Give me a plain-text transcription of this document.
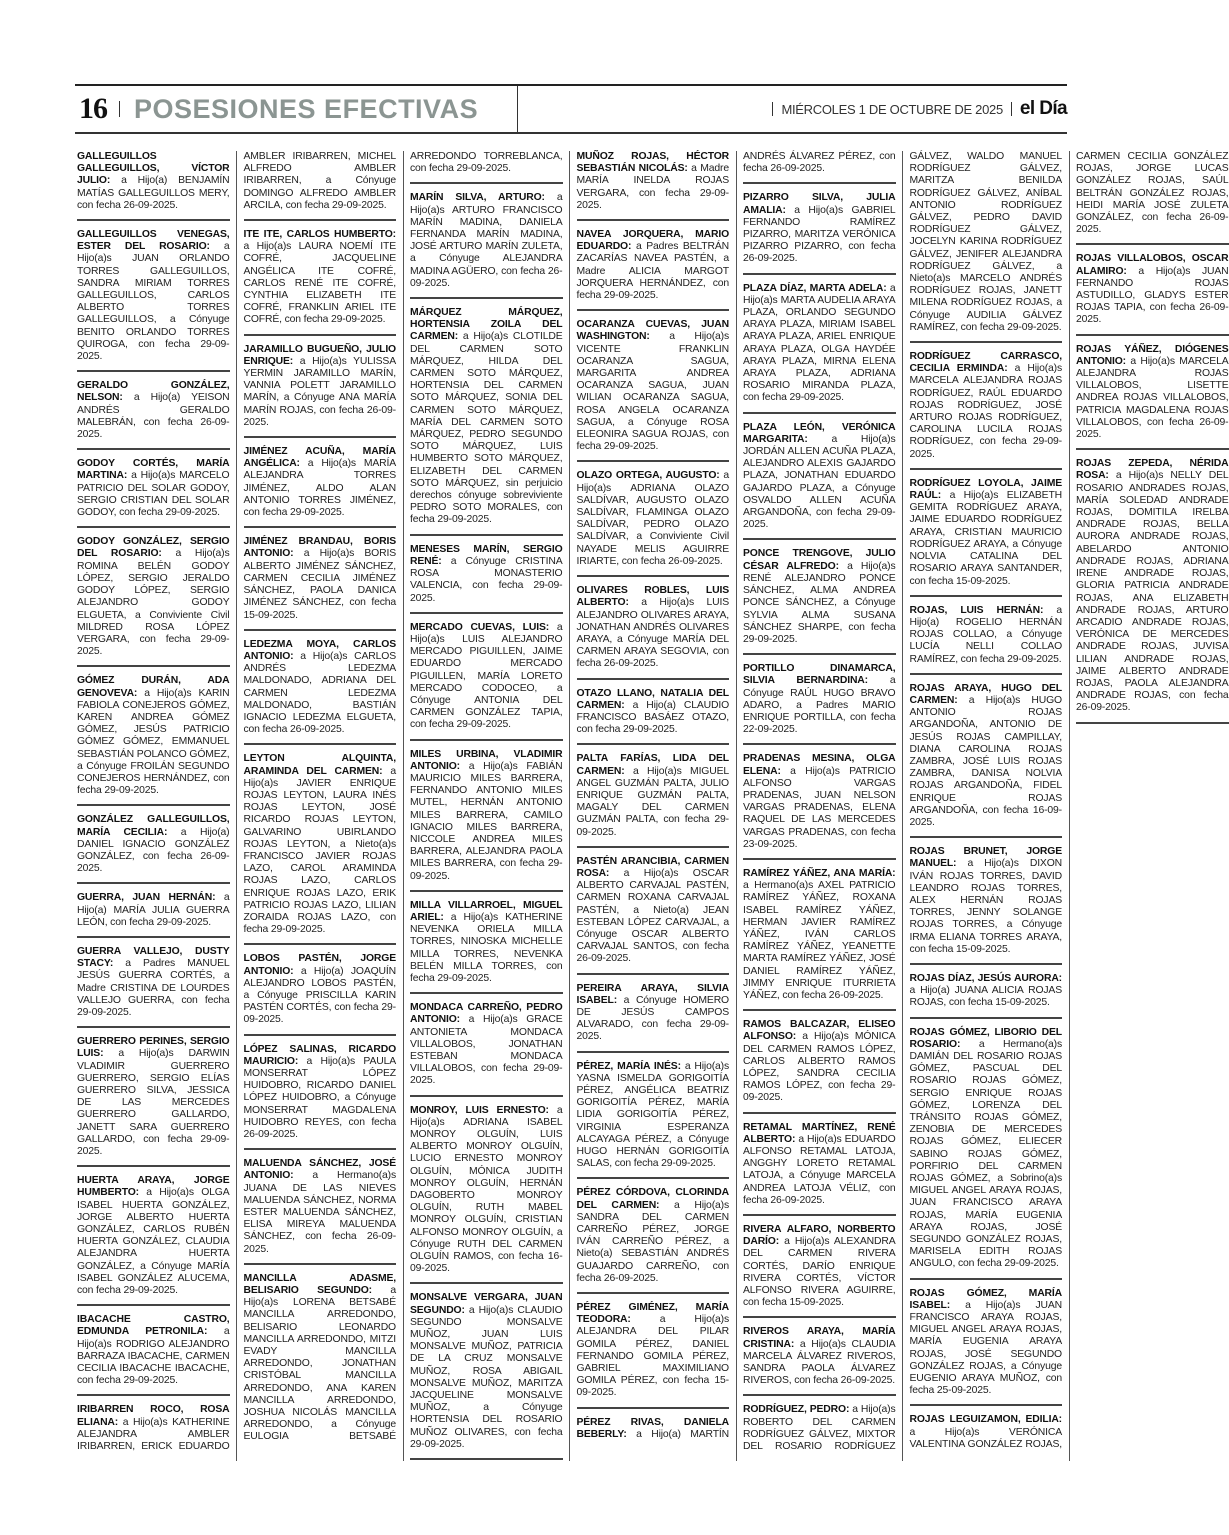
16 POSESIONES EFECTIVAS	MIÉRCOLES 1 DE OCTUBRE DE 2025 el Día

GALLEGUILLOS GALLEGUILLOS, VÍCTOR JULIO: a Hijo(a) BENJAMÍN MATÍAS GALLEGUILLOS MERY, con fecha 26-09-2025.

GALLEGUILLOS VENEGAS, ESTER DEL ROSARIO: a Hijo(a)s JUAN ORLANDO TORRES GALLEGUILLOS, SANDRA MIRIAM TORRES GALLEGUILLOS, CARLOS ALBERTO TORRES GALLEGUILLOS, a Cónyuge BENITO ORLANDO TORRES QUIROGA, con fecha 29-09-2025.

GERALDO GONZÁLEZ, NELSON: a Hijo(a) YEISON ANDRÉS GERALDO MALEBRÁN, con fecha 26-09-2025.

GODOY CORTÉS, MARÍA MARTINA: a Hijo(a)s MARCELO PATRICIO DEL SOLAR GODOY, SERGIO CRISTIAN DEL SOLAR GODOY, con fecha 29-09-2025.

GODOY GONZÁLEZ, SERGIO DEL ROSARIO: a Hijo(a)s ROMINA BELÉN GODOY LÓPEZ, SERGIO JERALDO GODOY LÓPEZ, SERGIO ALEJANDRO GODOY ELGUETA, a Conviviente Civil MILDRED ROSA LÓPEZ VERGARA, con fecha 29-09-2025.

GÓMEZ DURÁN, ADA GENOVEVA: a Hijo(a)s KARIN FABIOLA CONEJEROS GÓMEZ, KAREN ANDREA GÓMEZ GÓMEZ, JESÚS PATRICIO GÓMEZ GÓMEZ, EMMANUEL SEBASTIÁN POLANCO GÓMEZ, a Cónyuge FROILÁN SEGUNDO CONEJEROS HERNÁNDEZ, con fecha 29-09-2025.

GONZÁLEZ GALLEGUILLOS, MARÍA CECILIA: a Hijo(a) DANIEL IGNACIO GONZÁLEZ GONZÁLEZ, con fecha 26-09-2025.

GUERRA, JUAN HERNÁN: a Hijo(a) MARÍA JULIA GUERRA LEÓN, con fecha 29-09-2025.

GUERRA VALLEJO, DUSTY STACY: a Padres MANUEL JESÚS GUERRA CORTÉS, a Madre CRISTINA DE LOURDES VALLEJO GUERRA, con fecha 29-09-2025.

GUERRERO PERINES, SERGIO LUIS: a Hijo(a)s DARWIN VLADIMIR GUERRERO GUERRERO, SERGIO ELÍAS GUERRERO SILVA, JESSICA DE LAS MERCEDES GUERRERO GALLARDO, JANETT SARA GUERRERO GALLARDO, con fecha 29-09-2025.

HUERTA ARAYA, JORGE HUMBERTO: a Hijo(a)s OLGA ISABEL HUERTA GONZÁLEZ, JORGE ALBERTO HUERTA GONZÁLEZ, CARLOS RUBÉN HUERTA GONZÁLEZ, CLAUDIA ALEJANDRA HUERTA GONZÁLEZ, a Cónyuge MARÍA ISABEL GONZÁLEZ ALUCEMA, con fecha 29-09-2025.

IBACACHE CASTRO, EDMUNDA PETRONILA: a Hijo(a)s RODRIGO ALEJANDRO BARRAZA IBACACHE, CARMEN CECILIA IBACACHE IBACACHE, con fecha 29-09-2025.

IRIBARREN ROCO, ROSA ELIANA: a Hijo(a)s KATHERINE ALEJANDRA AMBLER IRIBARREN, ERICK EDUARDO AMBLER IRIBARREN, MICHEL ALFREDO AMBLER IRIBARREN, a Cónyuge DOMINGO ALFREDO AMBLER ARCILA, con fecha 29-09-2025.

ITE ITE, CARLOS HUMBERTO: a Hijo(a)s LAURA NOEMÍ ITE COFRÉ, JACQUELINE ANGÉLICA ITE COFRÉ, CARLOS RENÉ ITE COFRÉ, CYNTHIA ELIZABETH ITE COFRÉ, FRANKLIN ARIEL ITE COFRÉ, con fecha 29-09-2025.

JARAMILLO BUGUEÑO, JULIO ENRIQUE: a Hijo(a)s YULISSA YERMIN JARAMILLO MARÍN, VANNIA POLETT JARAMILLO MARÍN, a Cónyuge ANA MARÍA MARÍN ROJAS, con fecha 26-09-2025.

JIMÉNEZ ACUÑA, MARÍA ANGÉLICA: a Hijo(a)s MARÍA ALEJANDRA TORRES JIMÉNEZ, ALDO ALAN ANTONIO TORRES JIMÉNEZ, con fecha 29-09-2025.

JIMÉNEZ BRANDAU, BORIS ANTONIO: a Hijo(a)s BORIS ALBERTO JIMÉNEZ SÁNCHEZ, CARMEN CECILIA JIMÉNEZ SÁNCHEZ, PAOLA DANICA JIMÉNEZ SÁNCHEZ, con fecha 15-09-2025.

LEDEZMA MOYA, CARLOS ANTONIO: a Hijo(a)s CARLOS ANDRÉS LEDEZMA MALDONADO, ADRIANA DEL CARMEN LEDEZMA MALDONADO, BASTIÁN IGNACIO LEDEZMA ELGUETA, con fecha 26-09-2025.

LEYTON ALQUINTA, ARAMINDA DEL CARMEN: a Hijo(a)s JAVIER ENRIQUE ROJAS LEYTON, LAURA INÉS ROJAS LEYTON, JOSÉ RICARDO ROJAS LEYTON, GALVARINO UBIRLANDO ROJAS LEYTON, a Nieto(a)s FRANCISCO JAVIER ROJAS LAZO, CAROL ARAMINDA ROJAS LAZO, CARLOS ENRIQUE ROJAS LAZO, ERIK PATRICIO ROJAS LAZO, LILIAN ZORAIDA ROJAS LAZO, con fecha 29-09-2025.

LOBOS PASTÉN, JORGE ANTONIO: a Hijo(a) JOAQUÍN ALEJANDRO LOBOS PASTÉN, a Cónyuge PRISCILLA KARIN PASTÉN CORTÉS, con fecha 29-09-2025.

LÓPEZ SALINAS, RICARDO MAURICIO: a Hijo(a)s PAULA MONSERRAT LÓPEZ HUIDOBRO, RICARDO DANIEL LÓPEZ HUIDOBRO, a Cónyuge MONSERRAT MAGDALENA HUIDOBRO REYES, con fecha 26-09-2025.

MALUENDA SÁNCHEZ, JOSÉ ANTONIO: a Hermano(a)s JUANA DE LAS NIEVES MALUENDA SÁNCHEZ, NORMA ESTER MALUENDA SÁNCHEZ, ELISA MIREYA MALUENDA SÁNCHEZ, con fecha 26-09-2025.

MANCILLA ADASME, BELISARIO SEGUNDO: a Hijo(a)s LORENA BETSABÉ MANCILLA ARREDONDO, BELISARIO LEONARDO MANCILLA ARREDONDO, MITZI EVADY MANCILLA ARREDONDO, JONATHAN CRISTÓBAL MANCILLA ARREDONDO, ANA KAREN MANCILLA ARREDONDO, JOSHUA NICOLÁS MANCILLA ARREDONDO, a Cónyuge EULOGIA BETSABÉ ARREDONDO TORREBLANCA, con fecha 29-09-2025.

MARÍN SILVA, ARTURO: a Hijo(a)s ARTURO FRANCISCO MARÍN MADINA, DANIELA FERNANDA MARÍN MADINA, JOSÉ ARTURO MARÍN ZULETA, a Cónyuge ALEJANDRA MADINA AGÜERO, con fecha 26-09-2025.

MÁRQUEZ MÁRQUEZ, HORTENSIA ZOILA DEL CARMEN: a Hijo(a)s CLOTILDE DEL CARMEN SOTO MÁRQUEZ, HILDA DEL CARMEN SOTO MÁRQUEZ, HORTENSIA DEL CARMEN SOTO MÁRQUEZ, SONIA DEL CARMEN SOTO MÁRQUEZ, MARÍA DEL CARMEN SOTO MÁRQUEZ, PEDRO SEGUNDO SOTO MÁRQUEZ, LUIS HUMBERTO SOTO MÁRQUEZ, ELIZABETH DEL CARMEN SOTO MÁRQUEZ, sin perjuicio derechos cónyuge sobreviviente PEDRO SOTO MORALES, con fecha 29-09-2025.

MENESES MARÍN, SERGIO RENÉ: a Cónyuge CRISTINA ROSA MONASTERIO VALENCIA, con fecha 29-09-2025.

MERCADO CUEVAS, LUIS: a Hijo(a)s LUIS ALEJANDRO MERCADO PIGUILLEN, JAIME EDUARDO MERCADO PIGUILLEN, MARÍA LORETO MERCADO CODOCEO, a Cónyuge ANTONIA DEL CARMEN GONZÁLEZ TAPIA, con fecha 29-09-2025.

MILES URBINA, VLADIMIR ANTONIO: a Hijo(a)s FABIÁN MAURICIO MILES BARRERA, FERNANDO ANTONIO MILES MUTEL, HERNÁN ANTONIO MILES BARRERA, CAMILO IGNACIO MILES BARRERA, NICCOLE ANDREA MILES BARRERA, ALEJANDRA PAOLA MILES BARRERA, con fecha 29-09-2025.

MILLA VILLARROEL, MIGUEL ARIEL: a Hijo(a)s KATHERINE NEVENKA ORIELA MILLA TORRES, NINOSKA MICHELLE MILLA TORRES, NEVENKA BELÉN MILLA TORRES, con fecha 29-09-2025.

MONDACA CARREÑO, PEDRO ANTONIO: a Hijo(a)s GRACE ANTONIETA MONDACA VILLALOBOS, JONATHAN ESTEBAN MONDACA VILLALOBOS, con fecha 29-09-2025.

MONROY, LUIS ERNESTO: a Hijo(a)s ADRIANA ISABEL MONROY OLGUÍN, LUIS ALBERTO MONROY OLGUÍN, LUCIO ERNESTO MONROY OLGUÍN, MÓNICA JUDITH MONROY OLGUÍN, HERNÁN DAGOBERTO MONROY OLGUÍN, RUTH MABEL MONROY OLGUÍN, CRISTIAN ALFONSO MONROY OLGUÍN, a Cónyuge RUTH DEL CARMEN OLGUÍN RAMOS, con fecha 16-09-2025.

MONSALVE VERGARA, JUAN SEGUNDO: a Hijo(a)s CLAUDIO SEGUNDO MONSALVE MUÑOZ, JUAN LUIS MONSALVE MUÑOZ, PATRICIA DE LA CRUZ MONSALVE MUÑOZ, ROSA ABIGAIL MONSALVE MUÑOZ, MARITZA JACQUELINE MONSALVE MUÑOZ, a Cónyuge HORTENSIA DEL ROSARIO MUÑOZ OLIVARES, con fecha 29-09-2025.

MUÑOZ ROJAS, HÉCTOR SEBASTIÁN NICOLÁS: a Madre MARÍA INELDA ROJAS VERGARA, con fecha 29-09-2025.

NAVEA JORQUERA, MARIO EDUARDO: a Padres BELTRÁN ZACARÍAS NAVEA PASTÉN, a Madre ALICIA MARGOT JORQUERA HERNÁNDEZ, con fecha 29-09-2025.

OCARANZA CUEVAS, JUAN WASHINGTON: a Hijo(a)s VICENTE FRANKLIN OCARANZA SAGUA, MARGARITA ANDREA OCARANZA SAGUA, JUAN WILIAN OCARANZA SAGUA, ROSA ANGELA OCARANZA SAGUA, a Cónyuge ROSA ELEONIRA SAGUA ROJAS, con fecha 29-09-2025.

OLAZO ORTEGA, AUGUSTO: a Hijo(a)s ADRIANA OLAZO SALDÍVAR, AUGUSTO OLAZO SALDÍVAR, FLAMINGA OLAZO SALDÍVAR, PEDRO OLAZO SALDÍVAR, a Conviviente Civil NAYADE MELIS AGUIRRE IRIARTE, con fecha 26-09-2025.

OLIVARES ROBLES, LUIS ALBERTO: a Hijo(a)s LUIS ALEJANDRO OLIVARES ARAYA, JONATHAN ANDRÉS OLIVARES ARAYA, a Cónyuge MARÍA DEL CARMEN ARAYA SEGOVIA, con fecha 26-09-2025.

OTAZO LLANO, NATALIA DEL CARMEN: a Hijo(a) CLAUDIO FRANCISCO BASÁEZ OTAZO, con fecha 29-09-2025.

PALTA FARÍAS, LIDA DEL CARMEN: a Hijo(a)s MIGUEL ANGEL GUZMÁN PALTA, JULIO ENRIQUE GUZMÁN PALTA, MAGALY DEL CARMEN GUZMÁN PALTA, con fecha 29-09-2025.

PASTÉN ARANCIBIA, CARMEN ROSA: a Hijo(a)s OSCAR ALBERTO CARVAJAL PASTÉN, CARMEN ROXANA CARVAJAL PASTÉN, a Nieto(a) JEAN ESTEBAN LÓPEZ CARVAJAL, a Cónyuge OSCAR ALBERTO CARVAJAL SANTOS, con fecha 26-09-2025.

PEREIRA ARAYA, SILVIA ISABEL: a Cónyuge HOMERO DE JESÚS CAMPOS ALVARADO, con fecha 29-09-2025.

PÉREZ, MARÍA INÉS: a Hijo(a)s YASNA ISMELDA GORIGOITÍA PÉREZ, ANGÉLICA BEATRIZ GORIGOITÍA PÉREZ, MARÍA LIDIA GORIGOITÍA PÉREZ, VIRGINIA ESPERANZA ALCAYAGA PÉREZ, a Cónyuge HUGO HERNÁN GORIGOITÍA SALAS, con fecha 29-09-2025.

PÉREZ CÓRDOVA, CLORINDA DEL CARMEN: a Hijo(a)s SANDRA DEL CARMEN CARREÑO PÉREZ, JORGE IVÁN CARREÑO PÉREZ, a Nieto(a) SEBASTIÁN ANDRÉS GUAJARDO CARREÑO, con fecha 26-09-2025.

PÉREZ GIMÉNEZ, MARÍA TEODORA: a Hijo(a)s ALEJANDRA DEL PILAR GOMILA PÉREZ, DANIEL FERNANDO GOMILA PÉREZ, GABRIEL MAXIMILIANO GOMILA PÉREZ, con fecha 15-09-2025.

PÉREZ RIVAS, DANIELA BEBERLY: a Hijo(a) MARTÍN ANDRÉS ÁLVAREZ PÉREZ, con fecha 26-09-2025.

PIZARRO SILVA, JULIA AMALIA: a Hijo(a)s GABRIEL FERNANDO RAMÍREZ PIZARRO, MARITZA VERÓNICA PIZARRO PIZARRO, con fecha 26-09-2025.

PLAZA DÍAZ, MARTA ADELA: a Hijo(a)s MARTA AUDELIA ARAYA PLAZA, ORLANDO SEGUNDO ARAYA PLAZA, MIRIAM ISABEL ARAYA PLAZA, ARIEL ENRIQUE ARAYA PLAZA, OLGA HAYDÉE ARAYA PLAZA, MIRNA ELENA ARAYA PLAZA, ADRIANA ROSARIO MIRANDA PLAZA, con fecha 29-09-2025.

PLAZA LEÓN, VERÓNICA MARGARITA: a Hijo(a)s JORDÁN ALLEN ACUÑA PLAZA, ALEJANDRO ALEXIS GAJARDO PLAZA, JONATHAN EDUARDO GAJARDO PLAZA, a Cónyuge OSVALDO ALLEN ACUÑA ARGANDOÑA, con fecha 29-09-2025.

PONCE TRENGOVE, JULIO CÉSAR ALFREDO: a Hijo(a)s RENÉ ALEJANDRO PONCE SÁNCHEZ, ALMA ANDREA PONCE SÁNCHEZ, a Cónyuge SYLVIA ALMA SUSANA SÁNCHEZ SHARPE, con fecha 29-09-2025.

PORTILLO DINAMARCA, SILVIA BERNARDINA: a Cónyuge RAÚL HUGO BRAVO ADARO, a Padres MARIO ENRIQUE PORTILLA, con fecha 22-09-2025.

PRADENAS MESINA, OLGA ELENA: a Hijo(a)s PATRICIO ALFONSO VARGAS PRADENAS, JUAN NELSON VARGAS PRADENAS, ELENA RAQUEL DE LAS MERCEDES VARGAS PRADENAS, con fecha 23-09-2025.

RAMÍREZ YÁÑEZ, ANA MARÍA: a Hermano(a)s AXEL PATRICIO RAMÍREZ YÁÑEZ, ROXANA ISABEL RAMÍREZ YÁÑEZ, HERMAN JAVIER RAMÍREZ YÁÑEZ, IVÁN CARLOS RAMÍREZ YÁÑEZ, YEANETTE MARTA RAMÍREZ YÁÑEZ, JOSÉ DANIEL RAMÍREZ YÁÑEZ, JIMMY ENRIQUE ITURRIETA YÁÑEZ, con fecha 26-09-2025.

RAMOS BALCAZAR, ELISEO ALFONSO: a Hijo(a)s MÓNICA DEL CARMEN RAMOS LÓPEZ, CARLOS ALBERTO RAMOS LÓPEZ, SANDRA CECILIA RAMOS LÓPEZ, con fecha 29-09-2025.

RETAMAL MARTÍNEZ, RENÉ ALBERTO: a Hijo(a)s EDUARDO ALFONSO RETAMAL LATOJA, ANGGHY LORETO RETAMAL LATOJA, a Cónyuge MARCELA ANDREA LATOJA VÉLIZ, con fecha 26-09-2025.

RIVERA ALFARO, NORBERTO DARÍO: a Hijo(a)s ALEXANDRA DEL CARMEN RIVERA CORTÉS, DARÍO ENRIQUE RIVERA CORTÉS, VÍCTOR ALFONSO RIVERA AGUIRRE, con fecha 15-09-2025.

RIVEROS ARAYA, MARÍA CRISTINA: a Hijo(a)s CLAUDIA MARCELA ÁLVAREZ RIVEROS, SANDRA PAOLA ÁLVAREZ RIVEROS, con fecha 26-09-2025.

RODRÍGUEZ, PEDRO: a Hijo(a)s ROBERTO DEL CARMEN RODRÍGUEZ GÁLVEZ, MIXTOR DEL ROSARIO RODRÍGUEZ GÁLVEZ, WALDO MANUEL RODRÍGUEZ GÁLVEZ, MARITZA BENILDA RODRÍGUEZ GÁLVEZ, ANÍBAL ANTONIO RODRÍGUEZ GÁLVEZ, PEDRO DAVID RODRÍGUEZ GÁLVEZ, JOCELYN KARINA RODRÍGUEZ GÁLVEZ, JENIFER ALEJANDRA RODRÍGUEZ GÁLVEZ, a Nieto(a)s MARCELO ANDRÉS RODRÍGUEZ ROJAS, JANETT MILENA RODRÍGUEZ ROJAS, a Cónyuge AUDILIA GÁLVEZ RAMÍREZ, con fecha 29-09-2025.

RODRÍGUEZ CARRASCO, CECILIA ERMINDA: a Hijo(a)s MARCELA ALEJANDRA ROJAS RODRÍGUEZ, RAÚL EDUARDO ROJAS RODRÍGUEZ, JOSÉ ARTURO ROJAS RODRÍGUEZ, CAROLINA LUCILA ROJAS RODRÍGUEZ, con fecha 29-09-2025.

RODRÍGUEZ LOYOLA, JAIME RAÚL: a Hijo(a)s ELIZABETH GEMITA RODRÍGUEZ ARAYA, JAIME EDUARDO RODRÍGUEZ ARAYA, CRISTIAN MAURICIO RODRÍGUEZ ARAYA, a Cónyuge NOLVIA CATALINA DEL ROSARIO ARAYA SANTANDER, con fecha 15-09-2025.

ROJAS, LUIS HERNÁN: a Hijo(a) ROGELIO HERNÁN ROJAS COLLAO, a Cónyuge LUCÍA NELLI COLLAO RAMÍREZ, con fecha 29-09-2025.

ROJAS ARAYA, HUGO DEL CARMEN: a Hijo(a)s HUGO ANTONIO ROJAS ARGANDOÑA, ANTONIO DE JESÚS ROJAS CAMPILLAY, DIANA CAROLINA ROJAS ZAMBRA, JOSÉ LUIS ROJAS ZAMBRA, DANISA NOLVIA ROJAS ARGANDOÑA, FIDEL ENRIQUE ROJAS ARGANDOÑA, con fecha 16-09-2025.

ROJAS BRUNET, JORGE MANUEL: a Hijo(a)s DIXON IVÁN ROJAS TORRES, DAVID LEANDRO ROJAS TORRES, ALEX HERNÁN ROJAS TORRES, JENNY SOLANGE ROJAS TORRES, a Cónyuge IRMA ELIANA TORRES ARAYA, con fecha 15-09-2025.

ROJAS DÍAZ, JESÚS AURORA: a Hijo(a) JUANA ALICIA ROJAS ROJAS, con fecha 15-09-2025.

ROJAS GÓMEZ, LIBORIO DEL ROSARIO: a Hermano(a)s DAMIÁN DEL ROSARIO ROJAS GÓMEZ, PASCUAL DEL ROSARIO ROJAS GÓMEZ, SERGIO ENRIQUE ROJAS GÓMEZ, LORENZA DEL TRÁNSITO ROJAS GÓMEZ, ZENOBIA DE MERCEDES ROJAS GÓMEZ, ELIECER SABINO ROJAS GÓMEZ, PORFIRIO DEL CARMEN ROJAS GÓMEZ, a Sobrino(a)s MIGUEL ANGEL ARAYA ROJAS, JUAN FRANCISCO ARAYA ROJAS, MARÍA EUGENIA ARAYA ROJAS, JOSÉ SEGUNDO GONZÁLEZ ROJAS, MARISELA EDITH ROJAS ANGULO, con fecha 29-09-2025.

ROJAS GÓMEZ, MARÍA ISABEL: a Hijo(a)s JUAN FRANCISCO ARAYA ROJAS, MIGUEL ANGEL ARAYA ROJAS, MARÍA EUGENIA ARAYA ROJAS, JOSÉ SEGUNDO GONZÁLEZ ROJAS, a Cónyuge EUGENIO ARAYA MUÑOZ, con fecha 25-09-2025.

ROJAS LEGUIZAMON, EDILIA: a Hijo(a)s VERÓNICA VALENTINA GONZÁLEZ ROJAS, CARMEN CECILIA GONZÁLEZ ROJAS, JORGE LUCAS GONZÁLEZ ROJAS, SAÚL BELTRÁN GONZÁLEZ ROJAS, HEIDI MARÍA JOSÉ ZULETA GONZÁLEZ, con fecha 26-09-2025.

ROJAS VILLALOBOS, OSCAR ALAMIRO: a Hijo(a)s JUAN FERNANDO ROJAS ASTUDILLO, GLADYS ESTER ROJAS TAPIA, con fecha 26-09-2025.

ROJAS YÁÑEZ, DIÓGENES ANTONIO: a Hijo(a)s MARCELA ALEJANDRA ROJAS VILLALOBOS, LISETTE ANDREA ROJAS VILLALOBOS, PATRICIA MAGDALENA ROJAS VILLALOBOS, con fecha 26-09-2025.

ROJAS ZEPEDA, NÉRIDA ROSA: a Hijo(a)s NELLY DEL ROSARIO ANDRADES ROJAS, MARÍA SOLEDAD ANDRADE ROJAS, DOMITILA IRELBA ANDRADE ROJAS, BELLA AURORA ANDRADE ROJAS, ABELARDO ANTONIO ANDRADE ROJAS, ADRIANA IRENE ANDRADE ROJAS, GLORIA PATRICIA ANDRADE ROJAS, ANA ELIZABETH ANDRADE ROJAS, ARTURO ARCADIO ANDRADE ROJAS, VERÓNICA DE MERCEDES ANDRADE ROJAS, JUVISA LILIAN ANDRADE ROJAS, JAIME ALBERTO ANDRADE ROJAS, PAOLA ALEJANDRA ANDRADE ROJAS, con fecha 26-09-2025.
